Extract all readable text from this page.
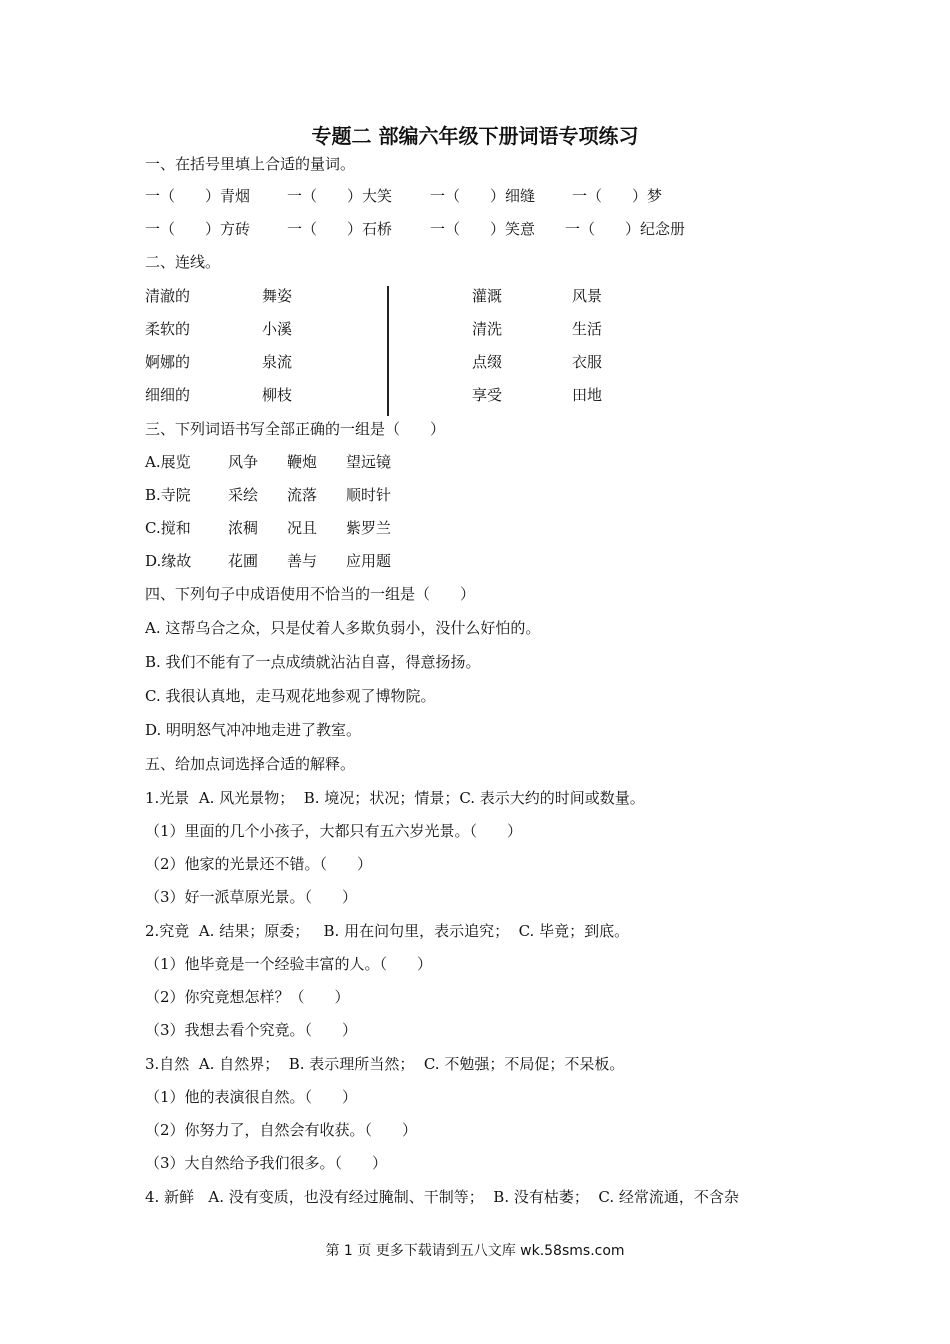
专题二 部编六年级下册词语专项练习
一、在括号里填上合适的量词。
一（　　）青烟 一（　　）大笑	一（　　）细缝 一（　　）梦
一（　　）方砖 一（　　）石桥	一（　　）笑意 一（　　）纪念册
二、连线。
清澈的
柔软的
婀娜的
细细的
舞姿
小溪
泉流
柳枝
灌溉
清洗
点缀
享受
风景
生活
衣服
田地
三、下列词语书写全部正确的一组是（　　）
A.展览 风争 鞭炮 望远镜
B.寺院 采绘 流落 顺时针
C.搅和 浓稠 况且 紫罗兰
D.缘故 花圃 善与 应用题
四、下列句子中成语使用不恰当的一组是（　　）
A. 这帮乌合之众，只是仗着人多欺负弱小，没什么好怕的。
B. 我们不能有了一点成绩就沾沾自喜，得意扬扬。
C. 我很认真地，走马观花地参观了博物院。
D. 明明怒气冲冲地走进了教室。
五、给加点词选择合适的解释。
1.光景  A. 风光景物；  B. 境况；状况；情景；C. 表示大约的时间或数量。
（1）里面的几个小孩子，大都只有五六岁光景。（　　）
（2）他家的光景还不错。（　　）
（3）好一派草原光景。（　　）
2.究竟  A. 结果；原委；   B. 用在问句里，表示追究；  C. 毕竟；到底。
（1）他毕竟是一个经验丰富的人。（　　）
（2）你究竟想怎样？（　　）
（3）我想去看个究竟。（　　）
3.自然  A. 自然界；  B. 表示理所当然；  C. 不勉强；不局促；不呆板。
（1）他的表演很自然。（　　）
（2）你努力了，自然会有收获。（　　）
（3）大自然给予我们很多。（　　）
4. 新鲜   A. 没有变质，也没有经过腌制、干制等；  B. 没有枯萎；  C. 经常流通，不含杂
第 1 页 更多下载请到五八文库 wk.58sms.com
